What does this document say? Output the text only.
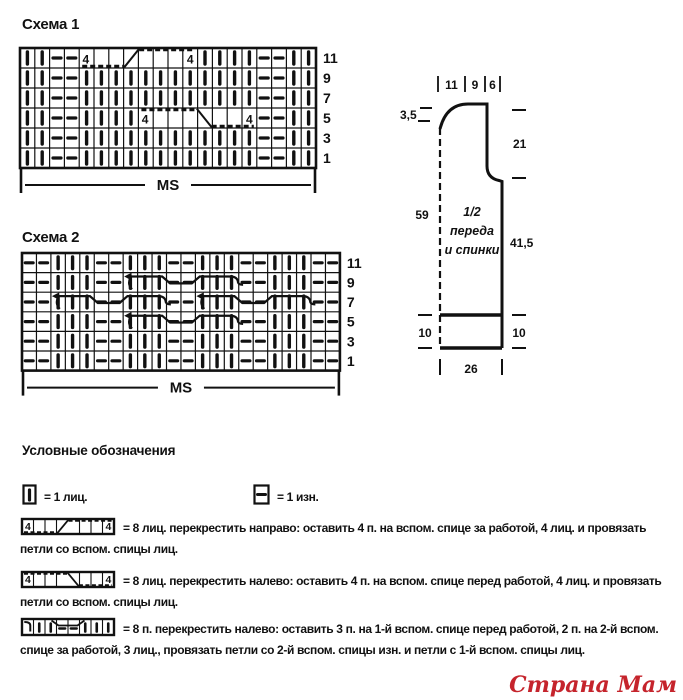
Схема 1
4	4
4	4
11
9
7
5
3
1
MS
Схема 2
11
9
7
5
3
1
MS
11 9 6
3,5
21
59
41,5
10	10
26
1/2
переда
и спинки
Условные обозначения
= 1 лиц.	= 1 изн.
4	4 = 8 лиц. перекрестить направо: оставить 4 п. на вспом. спице за работой, 4 лиц. и провязать петли со вспом. спицы лиц.
4	4 = 8 лиц. перекрестить налево: оставить 4 п. на вспом. спице перед работой, 4 лиц. и провязать петли со вспом. спицы лиц.
= 8 п. перекрестить налево: оставить 3 п. на 1-й вспом. спице перед работой, 2 п. на 2-й вспом. спице за работой, 3 лиц., провязать петли со 2-й вспом. спицы изн. и петли с 1-й вспом. спицы лиц.
Страна Мам
